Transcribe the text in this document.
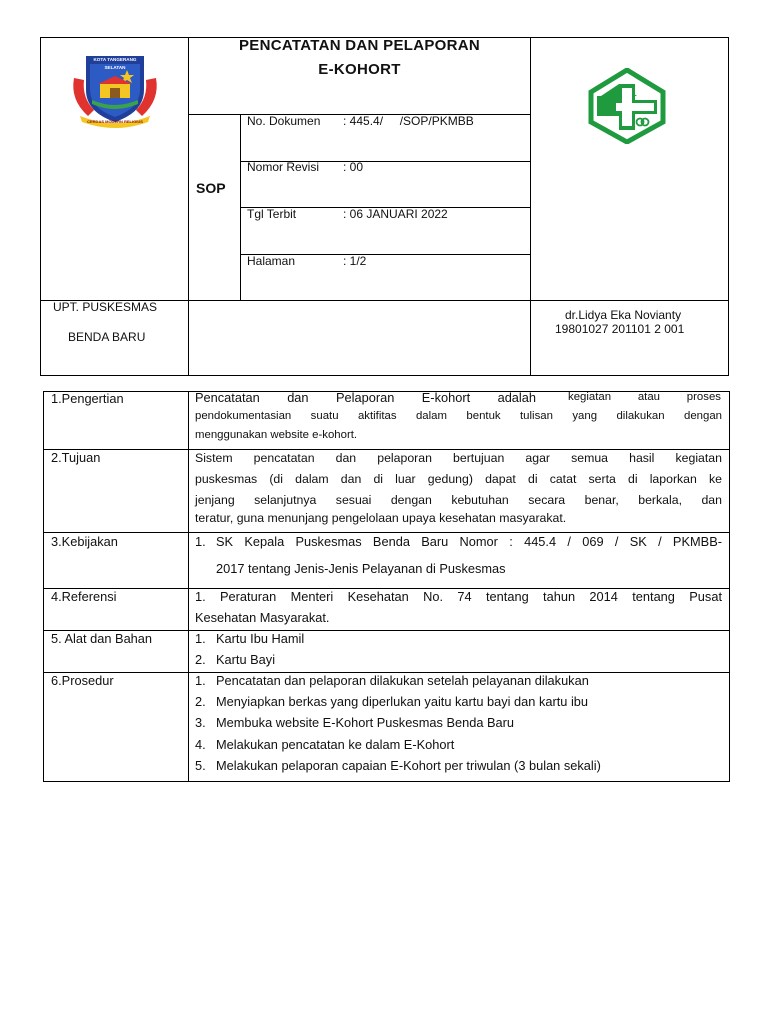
KOTA TANGERANG SELATAN
CERDAS MODERN RELIGIUS
PENCATATAN DAN PELAPORAN
E-KOHORT
SOP
No. Dokumen : 445.4/     /SOP/PKMBB
Nomor Revisi : 00
Tgl Terbit	: 06 JANUARI 2022
Halaman	: 1/2
UPT. PUSKESMAS
BENDA BARU
dr.Lidya Eka Novianty
19801027 201101 2 001
1.Pengertian	Pencatatan dan Pelaporan E-kohort adalah	kegiatan atau proses
pendokumentasian suatu aktifitas dalam bentuk tulisan yang dilakukan dengan
menggunakan website e-kohort.
2.Tujuan	Sistem pencatatan dan pelaporan bertujuan agar semua hasil kegiatan
puskesmas (di dalam dan di luar gedung) dapat di catat serta di laporkan ke
jenjang selanjutnya sesuai dengan kebutuhan secara benar, berkala, dan
teratur, guna menunjang pengelolaan upaya kesehatan masyarakat.
3.Kebijakan	1. SK Kepala Puskesmas Benda Baru Nomor : 445.4 / 069 / SK / PKMBB-
2017 tentang Jenis-Jenis Pelayanan di Puskesmas
4.Referensi	1. Peraturan Menteri Kesehatan No. 74 tentang tahun 2014 tentang Pusat
Kesehatan Masyarakat.
5. Alat dan Bahan	1. Kartu Ibu Hamil
2. Kartu Bayi
6.Prosedur	1. Pencatatan dan pelaporan dilakukan setelah pelayanan dilakukan
2. Menyiapkan berkas yang diperlukan yaitu kartu bayi dan kartu ibu
3. Membuka website E-Kohort Puskesmas Benda Baru
4. Melakukan pencatatan ke dalam E-Kohort
5. Melakukan pelaporan capaian E-Kohort per triwulan (3 bulan sekali)
